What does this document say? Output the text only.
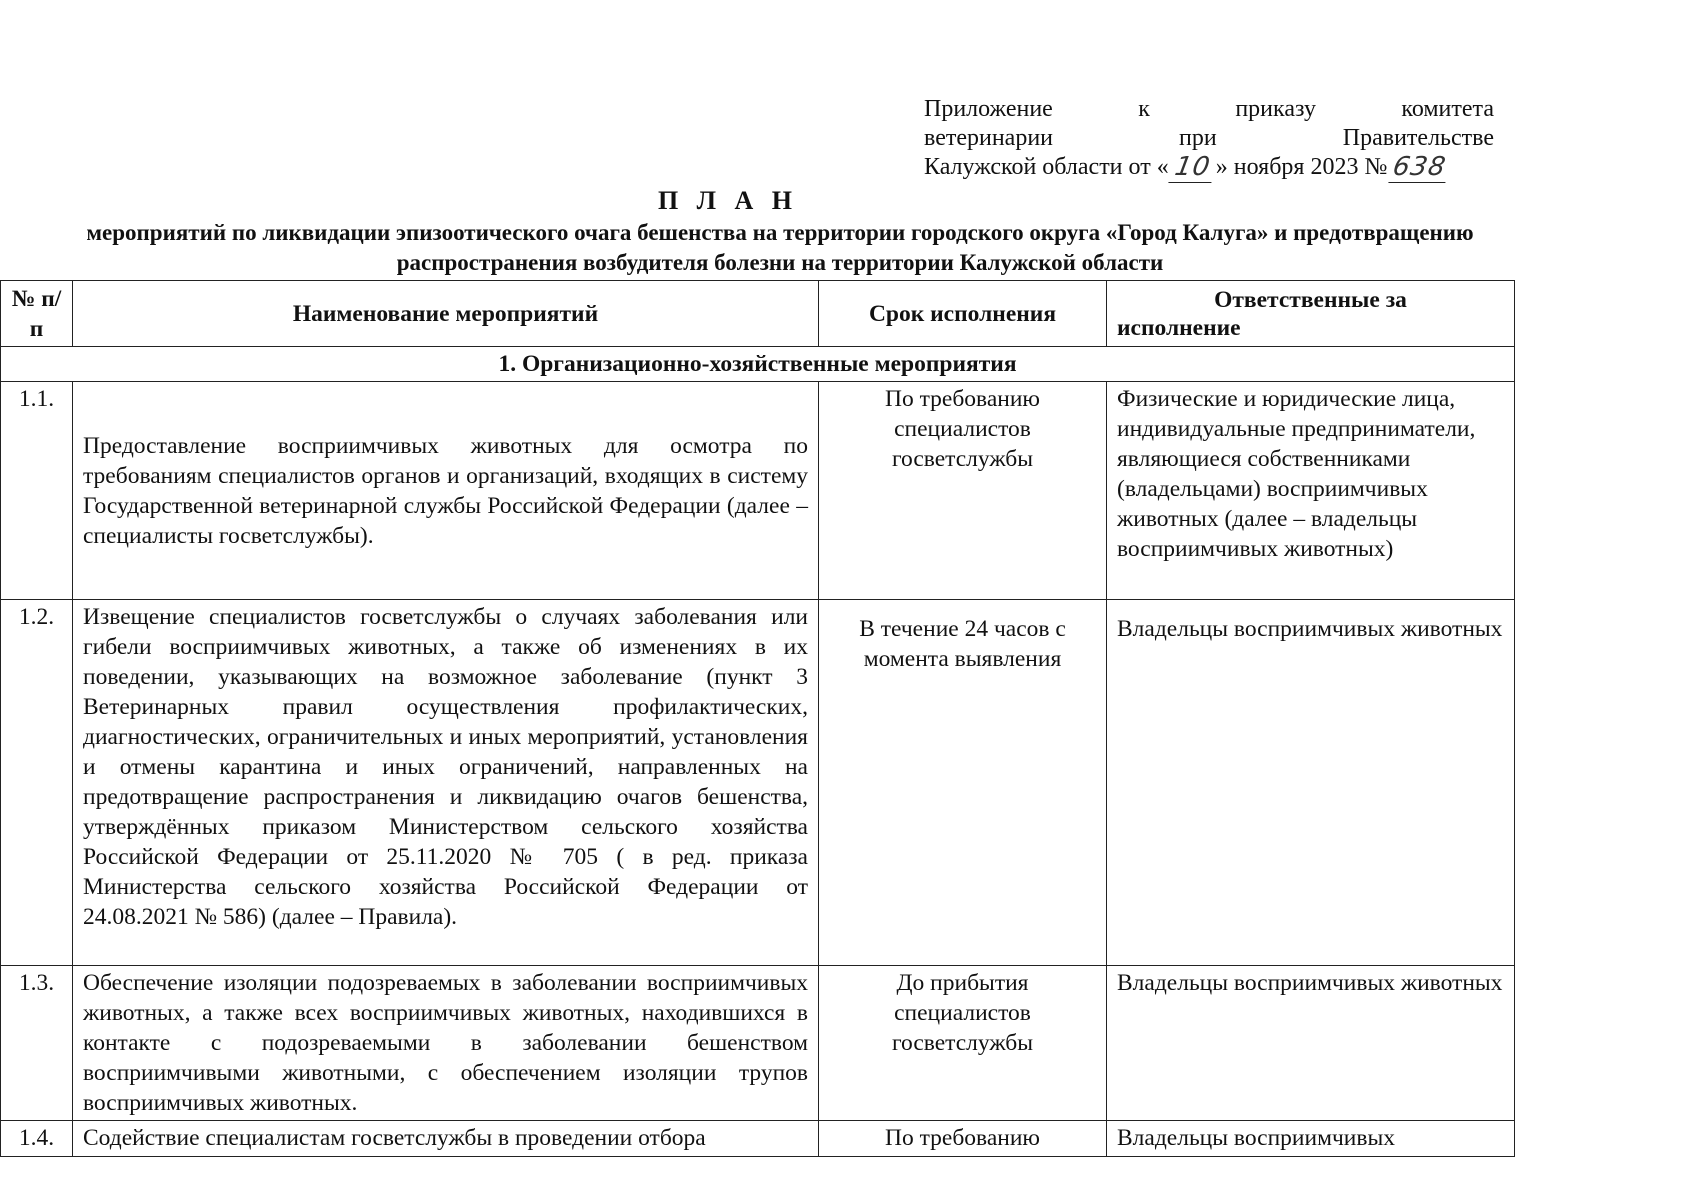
Приложение	к	приказу	комитета
ветеринарии	при	Правительстве
Калужской области от « 10 » ноября 2023 № 638
П Л А Н
мероприятий по ликвидации эпизоотического очага бешенства на территории городского округа «Город Калуга» и предотвращению распространения возбудителя болезни на территории Калужской области
№ п/п	Наименование мероприятий	Срок исполнения	Ответственные за
исполнение

1. Организационно-хозяйственные мероприятия			
1.1.	Предоставление восприимчивых животных для осмотра по требованиям специалистов органов и организаций, входящих в систему Государственной ветеринарной службы Российской Федерации (далее – специалисты госветслужбы).	По требованию специалистов госветслужбы	Физические и юридические лица, индивидуальные предприниматели, являющиеся собственниками (владельцами) восприимчивых животных (далее – владельцы восприимчивых животных)
1.2.	Извещение специалистов госветслужбы о случаях заболевания или гибели восприимчивых животных, а также об изменениях в их поведении, указывающих на возможное заболевание (пункт 3 Ветеринарных правил осуществления профилактических, диагностических, ограничительных и иных мероприятий, установления и отмены карантина и иных ограничений, направленных на предотвращение распространения и ликвидацию очагов бешенства, утверждённых приказом Министерством сельского хозяйства Российской Федерации от 25.11.2020 № 705 ( в ред. приказа Министерства сельского хозяйства Российской Федерации от 24.08.2021 № 586) (далее – Правила).	В течение 24 часов с момента выявления	Владельцы восприимчивых животных
1.3.	Обеспечение изоляции подозреваемых в заболевании восприимчивых животных, а также всех восприимчивых животных, находившихся в контакте с подозреваемыми в заболевании бешенством восприимчивыми животными, с обеспечением изоляции трупов восприимчивых животных.	До прибытия специалистов госветслужбы	Владельцы восприимчивых животных
1.4.	Содействие специалистам госветслужбы в проведении отбора	По требованию	Владельцы восприимчивых
